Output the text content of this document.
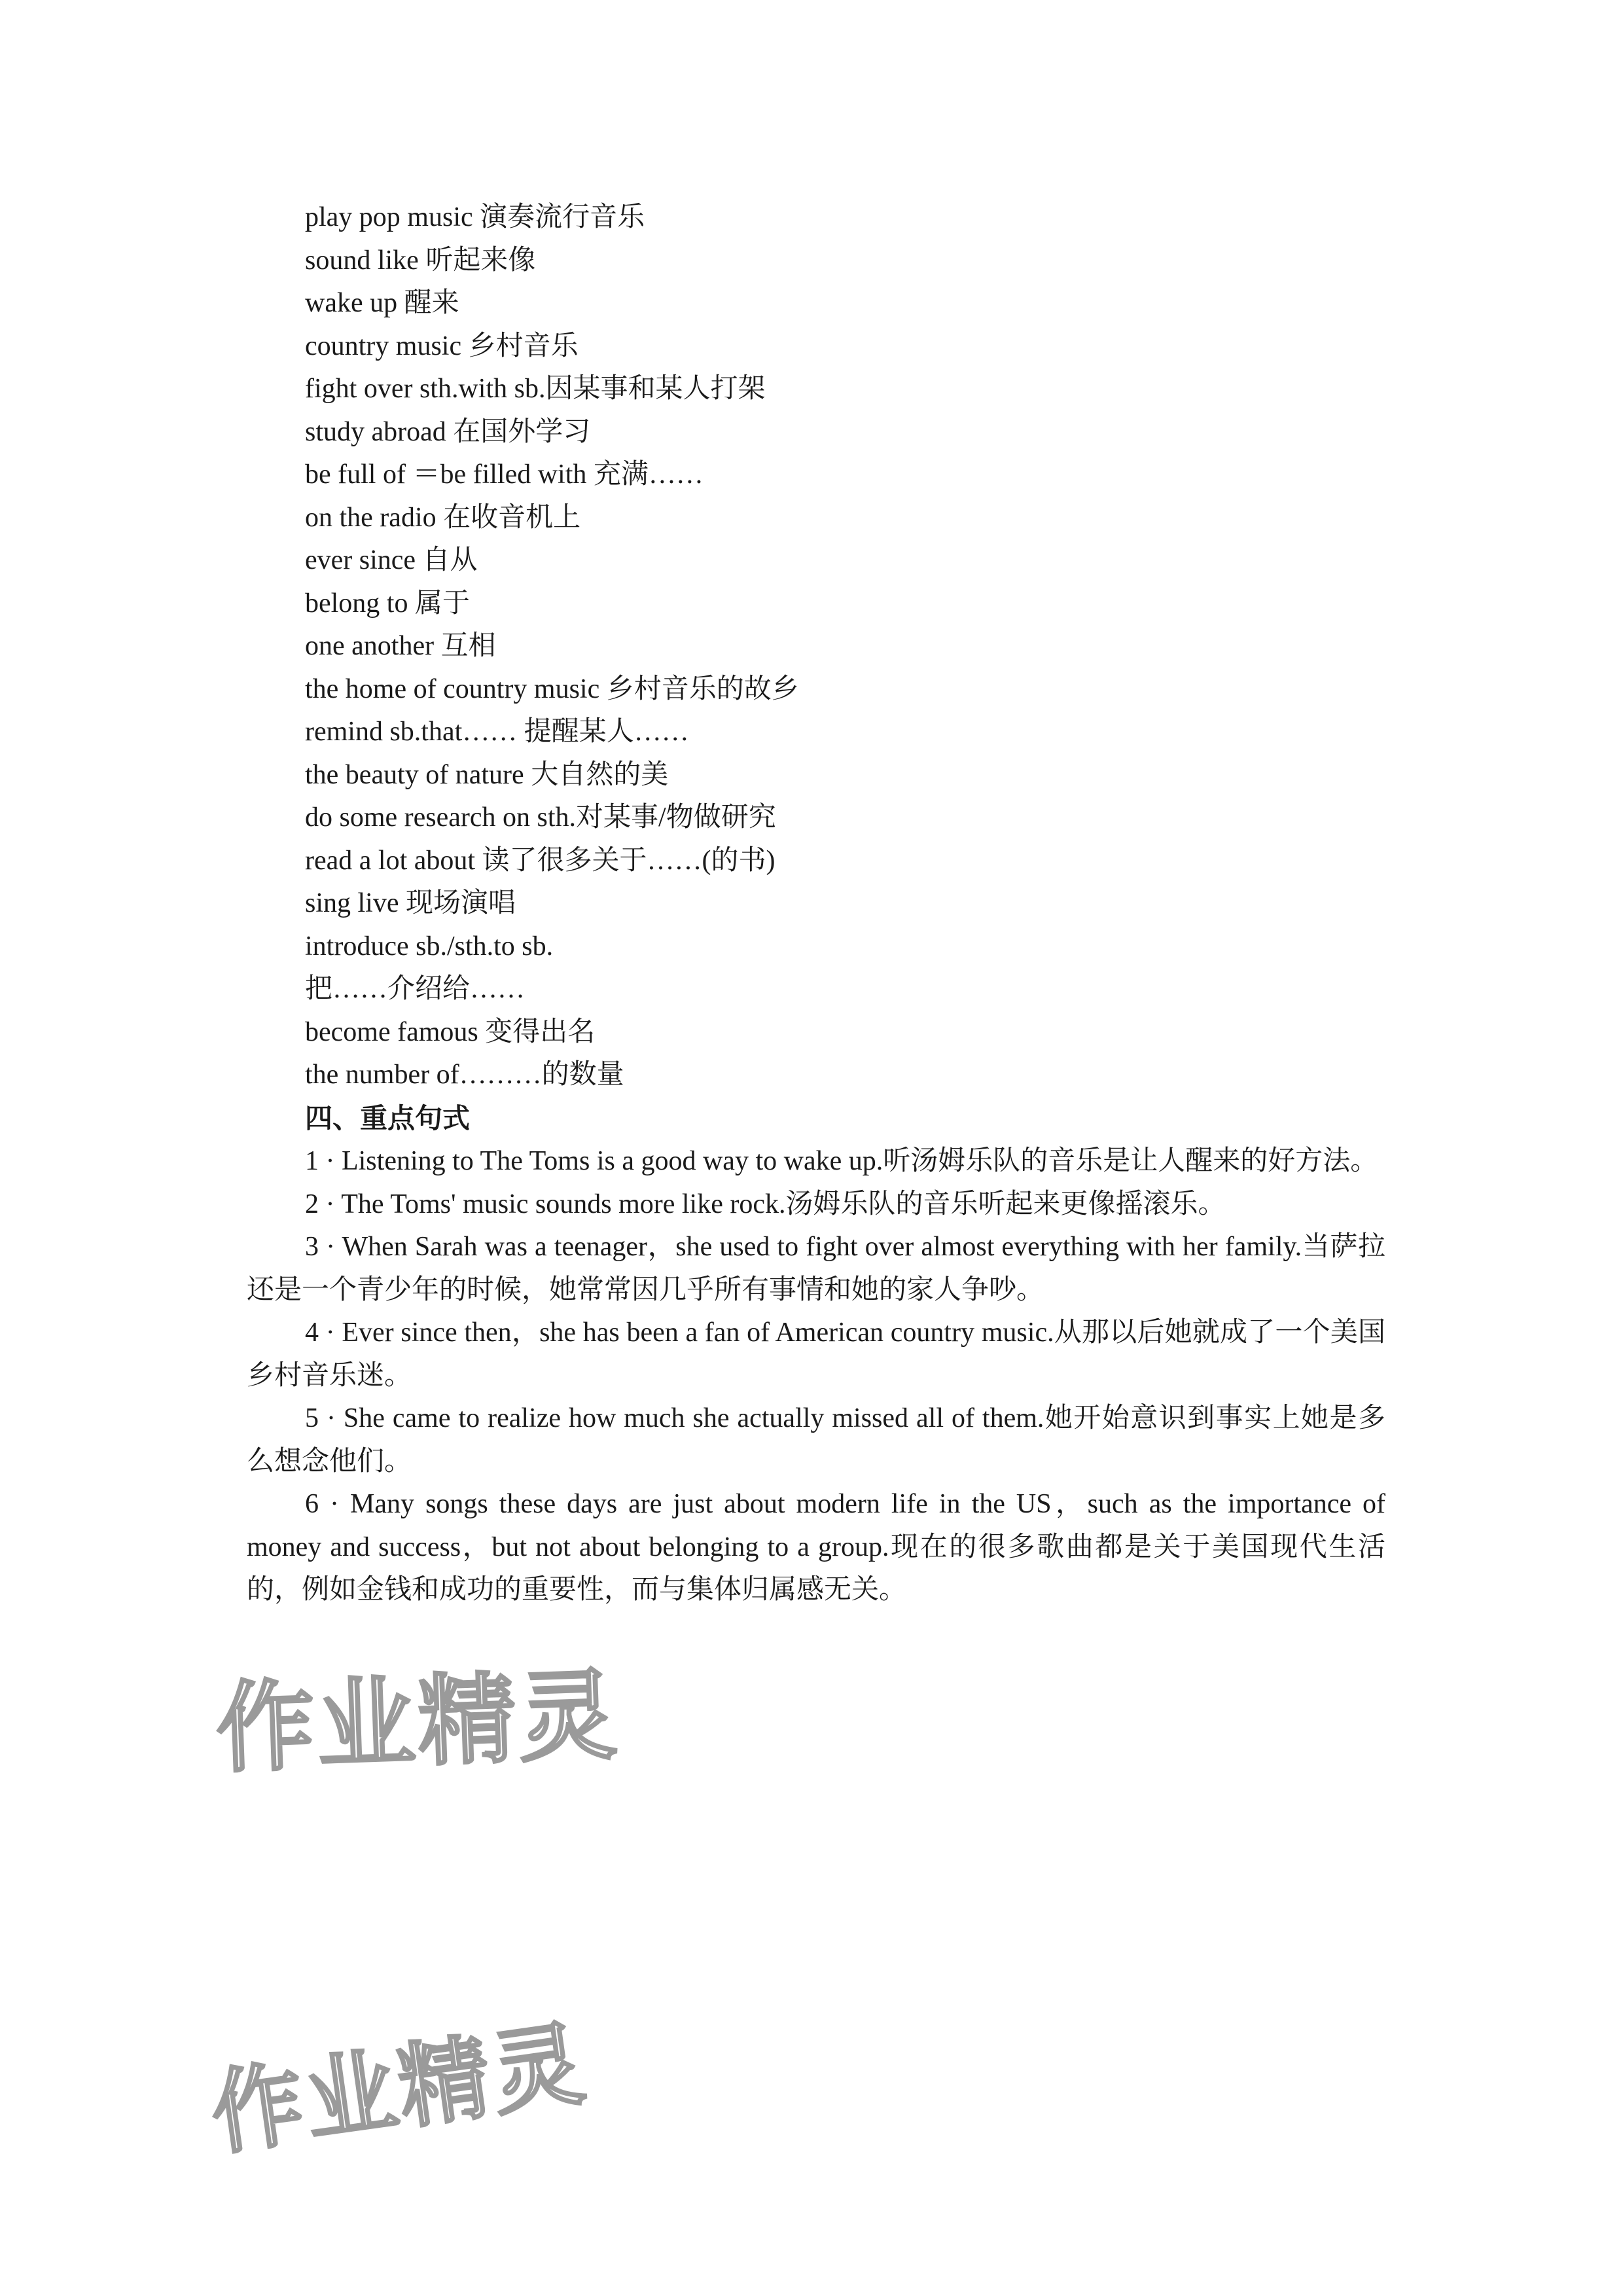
play pop music 演奏流行音乐
sound like 听起来像
wake up 醒来
country music 乡村音乐
fight over sth.with sb.因某事和某人打架
study abroad 在国外学习
be full of ＝be filled with 充满……
on the radio 在收音机上
ever since 自从
belong to 属于
one another 互相
the home of country music 乡村音乐的故乡
remind sb.that…… 提醒某人……
the beauty of nature 大自然的美
do some research on sth.对某事/物做研究
read a lot about 读了很多关于……(的书)
sing live 现场演唱
introduce sb./sth.to sb.
把……介绍给……
become famous 变得出名
the number of………的数量
四、重点句式

1 · Listening to The Toms is a good way to wake up.听汤姆乐队的音乐是让人醒来的好方法。

2 · The Toms' music sounds more like rock.汤姆乐队的音乐听起来更像摇滚乐。

3 · When Sarah was a teenager，she used to fight over almost everything with her family.当萨拉还是一个青少年的时候，她常常因几乎所有事情和她的家人争吵。

4 · Ever since then，she has been a fan of American country music.从那以后她就成了一个美国乡村音乐迷。

5 · She came to realize how much she actually missed all of them.她开始意识到事实上她是多么想念他们。

6 · Many songs these days are just about modern life in the US，such as the importance of money and success，but not about belonging to a group.现在的很多歌曲都是关于美国现代生活的，例如金钱和成功的重要性，而与集体归属感无关。

作业精灵
作业精灵
